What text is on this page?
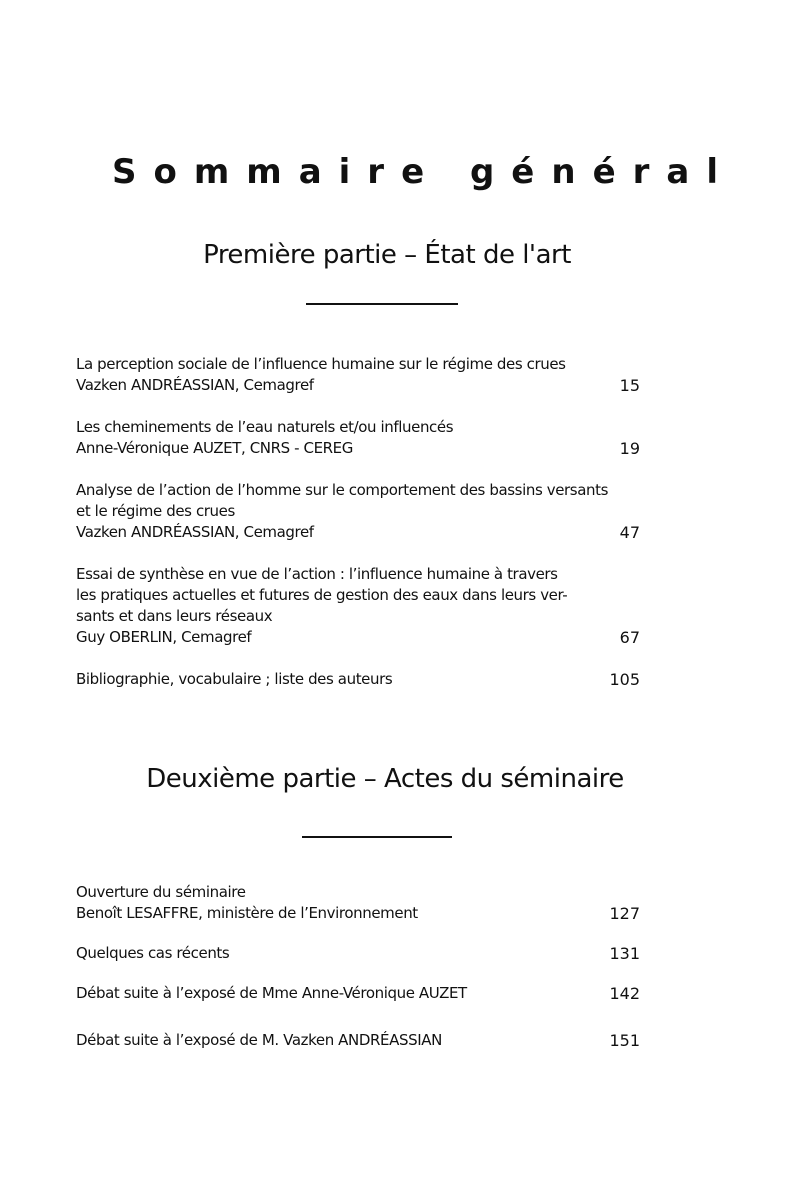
Sommaire général
Première partie – État de l'art
La perception sociale de l’influence humaine sur le régime des crues
Vazken ANDRÉASSIAN, Cemagref	15
Les cheminements de l’eau naturels et/ou influencés
Anne-Véronique AUZET, CNRS - CEREG	19
Analyse de l’action de l’homme sur le comportement des bassins versants
et le régime des crues
Vazken ANDRÉASSIAN, Cemagref	47
Essai de synthèse en vue de l’action : l’influence humaine à travers
les pratiques actuelles et futures de gestion des eaux dans leurs ver-
sants et dans leurs réseaux
Guy OBERLIN, Cemagref	67
Bibliographie, vocabulaire ; liste des auteurs	105
Deuxième partie – Actes du séminaire
Ouverture du séminaire
Benoît LESAFFRE, ministère de l’Environnement	127
Quelques cas récents	131
Débat suite à l’exposé de Mme Anne-Véronique AUZET	142
Débat suite à l’exposé de M. Vazken ANDRÉASSIAN	151
